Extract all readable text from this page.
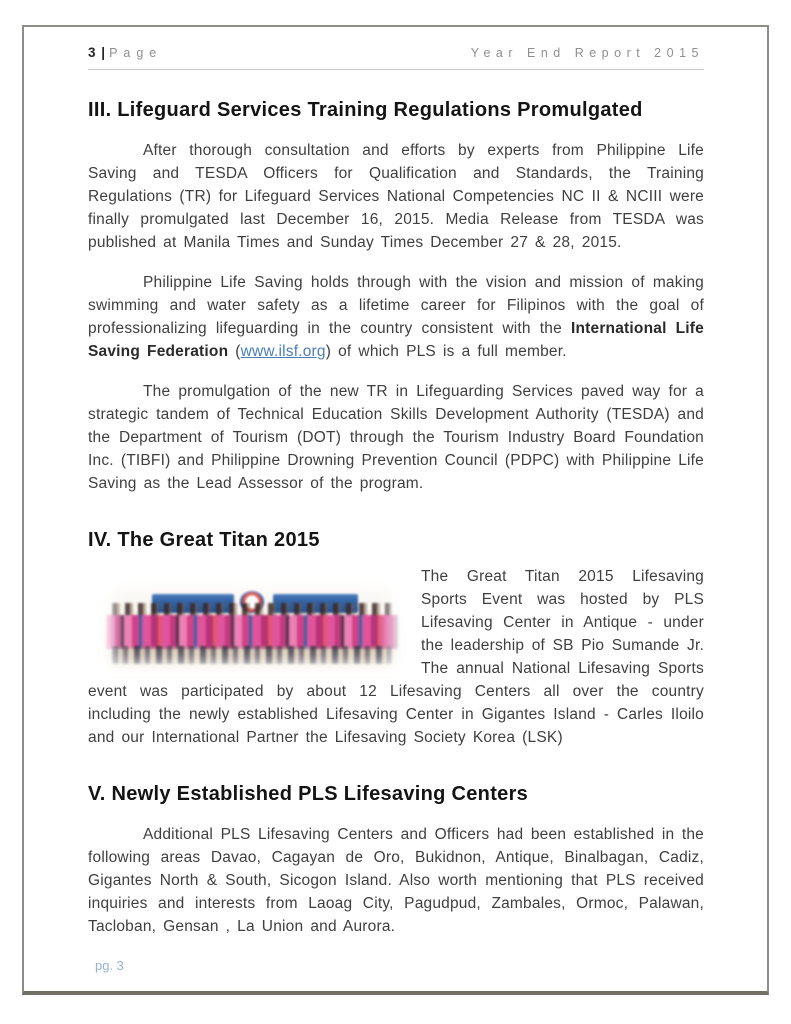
3 | Page	Year End Report 2015
III. Lifeguard Services Training Regulations Promulgated

After thorough consultation and efforts by experts from Philippine Life Saving and TESDA Officers for Qualification and Standards, the Training Regulations (TR) for Lifeguard Services National Competencies NC II & NCIII were finally promulgated last December 16, 2015. Media Release from TESDA was published at Manila Times and Sunday Times December 27 & 28, 2015.

Philippine Life Saving holds through with the vision and mission of making swimming and water safety as a lifetime career for Filipinos with the goal of professionalizing lifeguarding in the country consistent with the International Life Saving Federation (www.ilsf.org) of which PLS is a full member.

The promulgation of the new TR in Lifeguarding Services paved way for a strategic tandem of Technical Education Skills Development Authority (TESDA) and the Department of Tourism (DOT) through the Tourism Industry Board Foundation Inc. (TIBFI) and Philippine Drowning Prevention Council (PDPC) with Philippine Life Saving as the Lead Assessor of the program.

IV. The Great Titan 2015
The Great Titan 2015 Lifesaving Sports Event was hosted by PLS Lifesaving Center in Antique - under the leadership of SB Pio Sumande Jr. The annual National Lifesaving Sports event was participated by about 12 Lifesaving Centers all over the country including the newly established Lifesaving Center in Gigantes Island - Carles Iloilo and our International Partner the Lifesaving Society Korea (LSK)
V. Newly Established PLS Lifesaving Centers

Additional PLS Lifesaving Centers and Officers had been established in the following areas Davao, Cagayan de Oro, Bukidnon, Antique, Binalbagan, Cadiz, Gigantes North & South, Sicogon Island. Also worth mentioning that PLS received inquiries and interests from Laoag City, Pagudpud, Zambales, Ormoc, Palawan, Tacloban, Gensan , La Union and Aurora.

pg. 3
